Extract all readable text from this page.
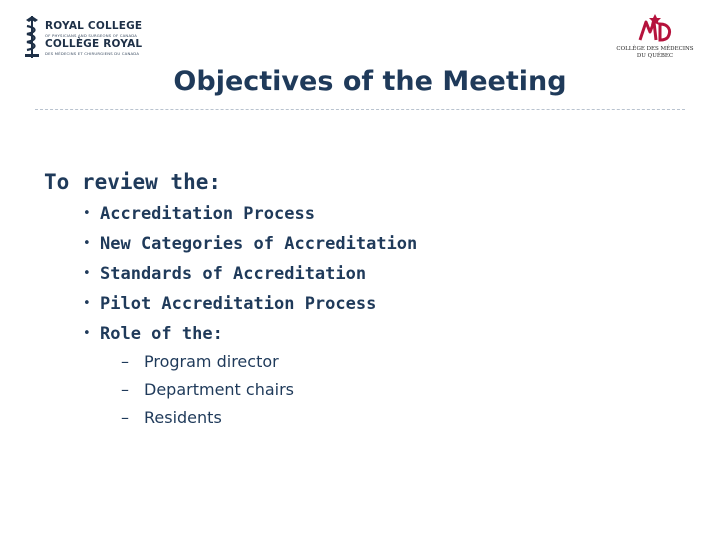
ROYAL COLLEGE
OF PHYSICIANS AND SURGEONS OF CANADA
COLLÈGE ROYAL
DES MÉDECINS ET CHIRURGIENS DU CANADA
COLLÈGE DES MÉDECINS
DU QUÉBEC
Objectives of the Meeting
To review the:
• Accreditation Process
• New Categories of Accreditation
• Standards of Accreditation
• Pilot Accreditation Process
• Role of the:
– Program director
– Department chairs
– Residents
